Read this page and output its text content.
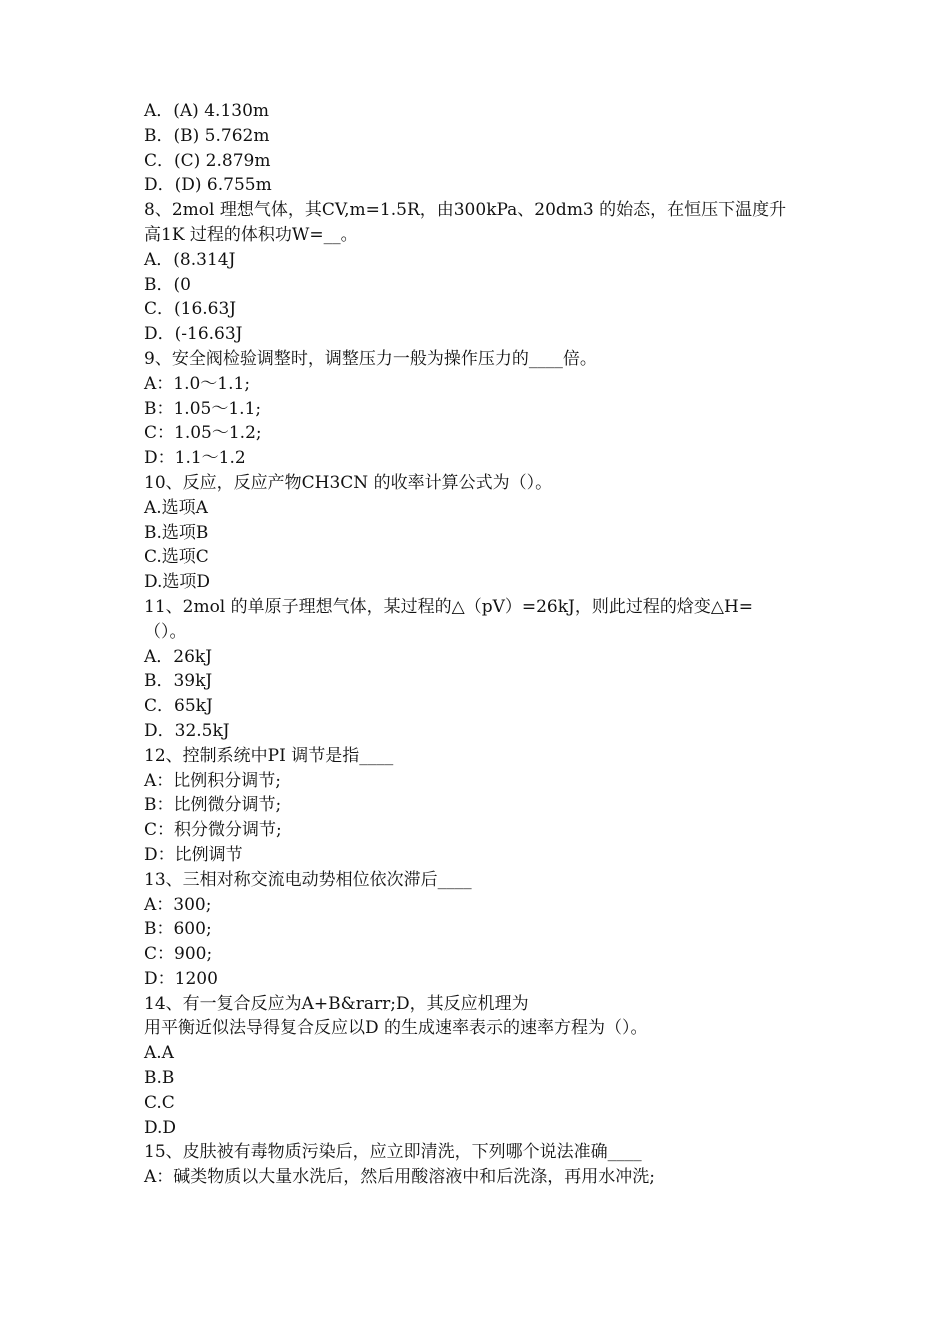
A．(A) 4.130m
B．(B) 5.762m
C．(C) 2.879m
D．(D) 6.755m
8、2mol 理想气体，其CV,m=1.5R，由300kPa、20dm3 的始态，在恒压下温度升
高1K 过程的体积功W=__。
A．(8.314J
B．(0
C．(16.63J
D．(-16.63J
9、安全阀检验调整时，调整压力一般为操作压力的____倍。
A：1.0～1.1;
B：1.05～1.1;
C：1.05～1.2;
D：1.1～1.2
10、反应，反应产物CH3CN 的收率计算公式为（）。
A.选项A
B.选项B
C.选项C
D.选项D
11、2mol 的单原子理想气体，某过程的△（pV）=26kJ，则此过程的焓变△H=
（）。
A．26kJ
B．39kJ
C．65kJ
D．32.5kJ
12、控制系统中PI 调节是指____
A：比例积分调节;
B：比例微分调节;
C：积分微分调节;
D：比例调节
13、三相对称交流电动势相位依次滞后____
A：300;
B：600;
C：900;
D：1200
14、有一复合反应为A+B&rarr;D，其反应机理为
用平衡近似法导得复合反应以D 的生成速率表示的速率方程为（）。
A.A
B.B
C.C
D.D
15、皮肤被有毒物质污染后，应立即清洗，下列哪个说法准确____
A：碱类物质以大量水洗后，然后用酸溶液中和后洗涤，再用水冲洗;
